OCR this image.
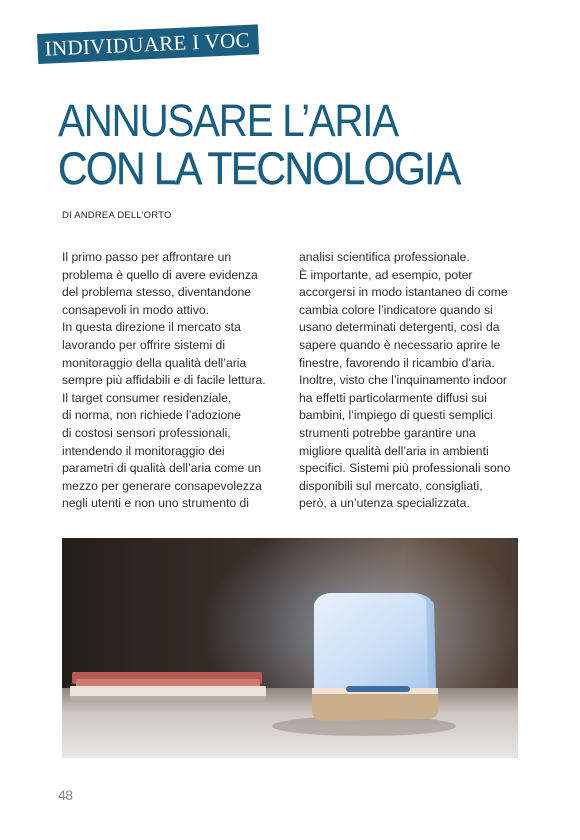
INDIVIDUARE I VOC
ANNUSARE L’ARIA
CON LA TECNOLOGIA
DI ANDREA DELL’ORTO

Il primo passo per affrontare un
problema è quello di avere evidenza
del problema stesso, diventandone
consapevoli in modo attivo.
In questa direzione il mercato sta
lavorando per offrire sistemi di
monitoraggio della qualità dell’aria
sempre più affidabili e di facile lettura.
Il target consumer residenziale,
di norma, non richiede l’adozione
di costosi sensori professionali,
intendendo il monitoraggio dei
parametri di qualità dell’aria come un
mezzo per generare consapevolezza
negli utenti e non uno strumento di

analisi scientifica professionale.
È importante, ad esempio, poter
accorgersi in modo istantaneo di come
cambia colore l’indicatore quando si
usano determinati detergenti, così da
sapere quando è necessario aprire le
finestre, favorendo il ricambio d’aria.
Inoltre, visto che l’inquinamento indoor
ha effetti particolarmente diffusi sui
bambini, l’impiego di questi semplici
strumenti potrebbe garantire una
migliore qualità dell’aria in ambienti
specifici. Sistemi più professionali sono
disponibili sul mercato, consigliati,
però, a un’utenza specializzata.

48
